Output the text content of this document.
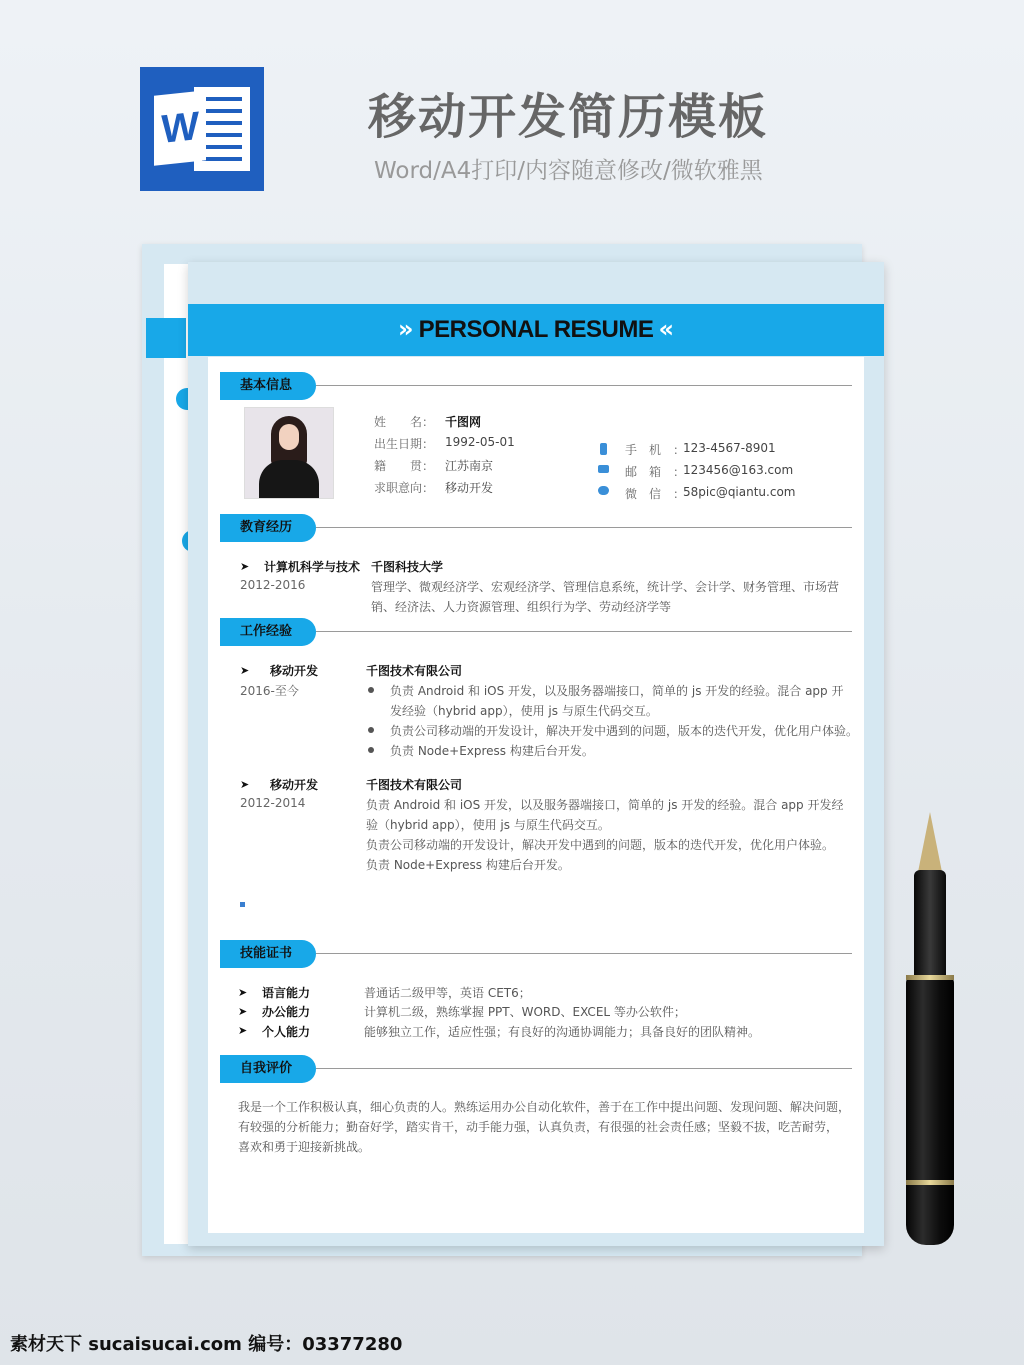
W	移动开发简历模板
Word/A4打印/内容随意修改/微软雅黑
» PERSONAL RESUME «
基本信息
姓　　名： 千图网
出生日期： 1992-05-01
籍　　贯： 江苏南京
求职意向： 移动开发
手　机　：
123-4567-8901
邮　箱　：
123456@163.com
微　信　：
58pic@qiantu.com
教育经历
➤ 计算机科学与技术 千图科技大学
2012-2016	管理学、微观经济学、宏观经济学、管理信息系统，统计学、会计学、财务管理、市场营
销、经济法、人力资源管理、组织行为学、劳动经济学等
工作经验
➤ 移动开发	千图技术有限公司
2016-至今	负责 Android 和 iOS 开发，以及服务器端接口，简单的 js 开发的经验。混合 app 开
发经验（hybrid app），使用 js 与原生代码交互。
负责公司移动端的开发设计，解决开发中遇到的问题，版本的迭代开发，优化用户体验。
负责 Node+Express 构建后台开发。
➤ 移动开发	千图技术有限公司
2012-2014	负责 Android 和 iOS 开发，以及服务器端接口，简单的 js 开发的经验。混合 app 开发经
验（hybrid app），使用 js 与原生代码交互。
负责公司移动端的开发设计，解决开发中遇到的问题，版本的迭代开发，优化用户体验。
负责 Node+Express 构建后台开发。
技能证书
➤ 语言能力	普通话二级甲等，英语 CET6；
➤ 办公能力	计算机二级，熟练掌握 PPT、WORD、EXCEL 等办公软件；
➤ 个人能力	能够独立工作，适应性强；有良好的沟通协调能力；具备良好的团队精神。
自我评价
我是一个工作积极认真，细心负责的人。熟练运用办公自动化软件，善于在工作中提出问题、发现问题、解决问题，
有较强的分析能力；勤奋好学，踏实肯干，动手能力强，认真负责，有很强的社会责任感；坚毅不拔，吃苦耐劳，
喜欢和勇于迎接新挑战。
素材天下 sucaisucai.com 编号：03377280
